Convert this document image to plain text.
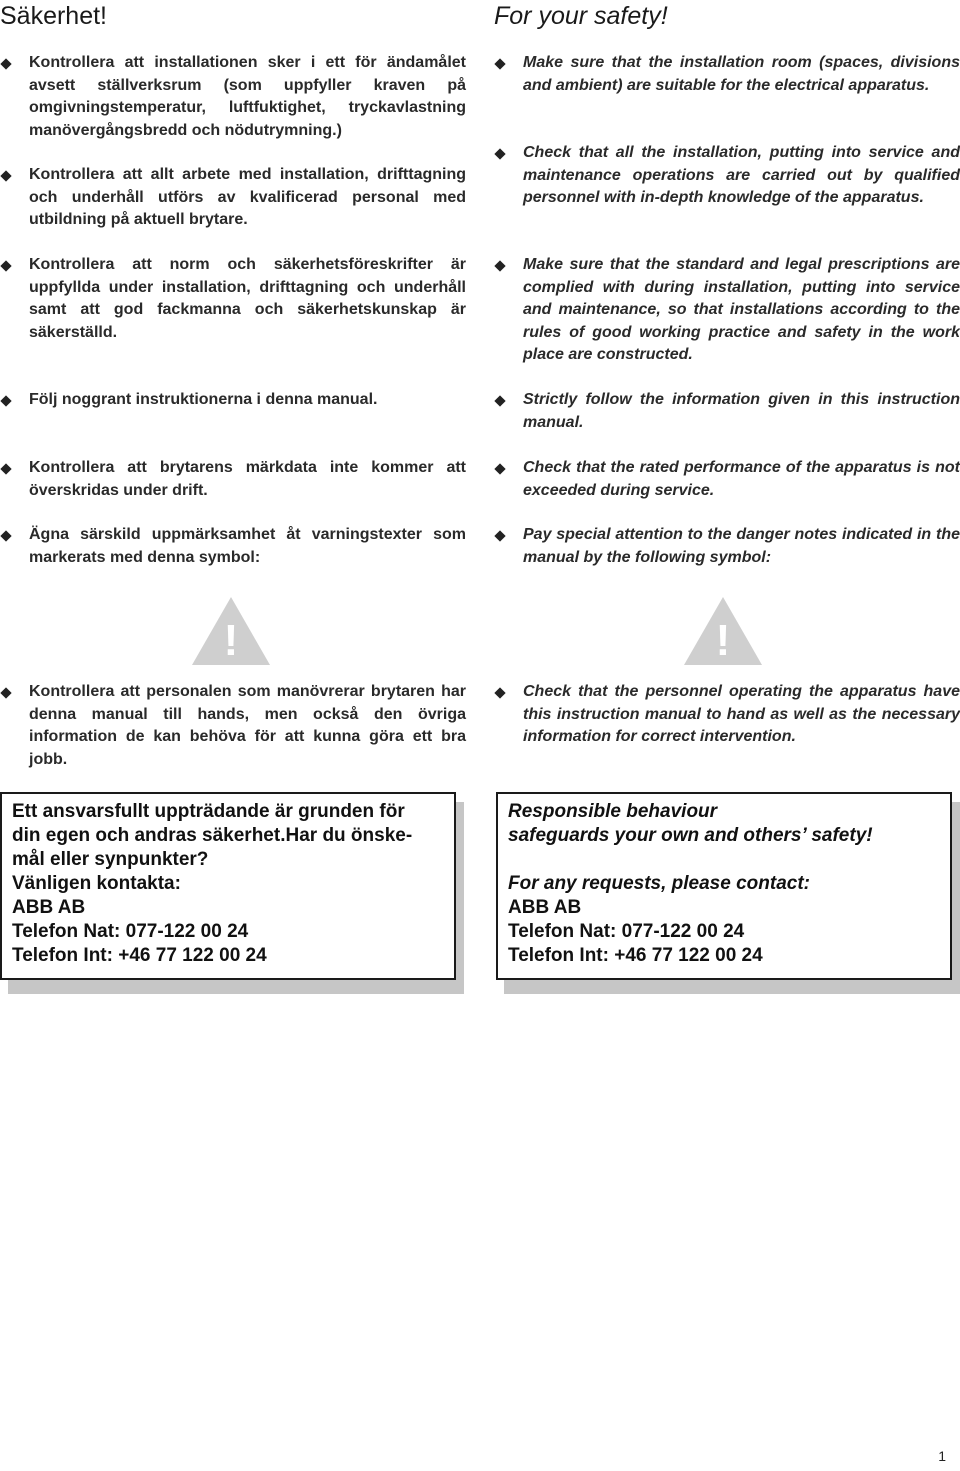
Säkerhet!
Kontrollera att installationen sker i ett för ändamålet avsett ställverksrum (som uppfyller kraven på omgivningstemperatur, luftfuktighet, tryckavlastning manövergångsbredd och nödutrymning.)
Kontrollera att allt arbete med installation, drifttagning och underhåll utförs av kvalificerad personal med utbildning på aktuell brytare.
Kontrollera att norm och säkerhetsföreskrifter är uppfyllda under installation, drifttagning och underhåll samt att god fackmanna och säkerhetskunskap är säkerställd.
Följ noggrant instruktionerna i denna manual.
Kontrollera att brytarens märkdata inte kommer att överskridas under drift.
Ägna särskild uppmärksamhet åt varningstexter som markerats med denna symbol:
!
Kontrollera att personalen som manövrerar brytaren har denna manual till hands, men också den övriga information de kan behöva för att kunna göra ett bra jobb.
Ett ansvarsfullt uppträdande är grunden för
din egen och andras säkerhet.Har du önske-
mål eller synpunkter?
Vänligen kontakta:
ABB AB
Telefon Nat: 077-122 00 24
Telefon Int: +46 77 122 00 24
For your safety!
Make sure that the installation room (spaces, divisions and ambient) are suitable for the electrical apparatus.
Check that all the installation, putting into service and maintenance operations are carried out by qualified personnel with in-depth knowledge of the apparatus.
Make sure that the standard and legal prescriptions are complied with during installation, putting into service and maintenance, so that installations according to the rules of good working practice and safety in the work place are constructed.
Strictly follow the information given in this instruction manual.
Check that the rated performance of the apparatus is not exceeded during service.
Pay special attention to the danger notes indicated in the manual by the following symbol:
!
Check that the personnel operating the apparatus have this instruction manual to hand as well as the necessary information for correct intervention.
Responsible behaviour
safeguards your own and others’ safety!
For any requests, please contact:
ABB AB
Telefon Nat: 077-122 00 24
Telefon Int: +46 77 122 00 24
1
